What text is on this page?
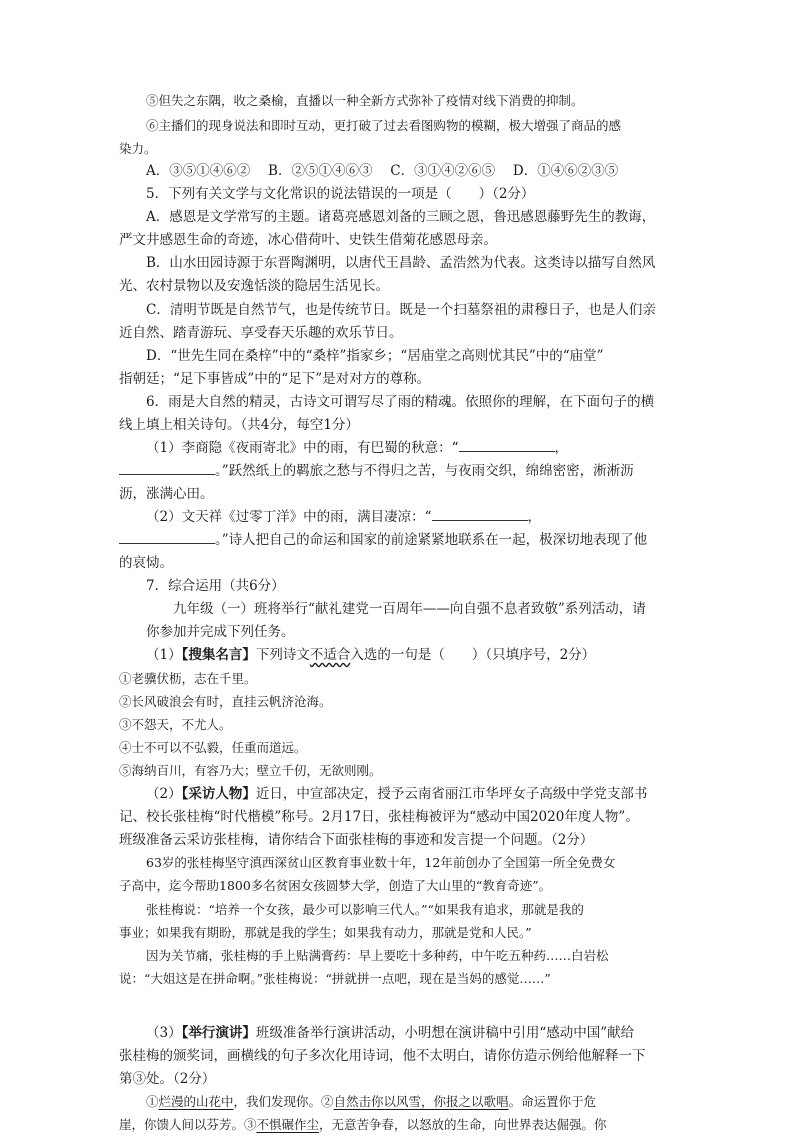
⑤但失之东隅，收之桑榆，直播以一种全新方式弥补了疫情对线下消费的抑制。
⑥主播们的现身说法和即时互动，更打破了过去看图购物的模糊，极大增强了商品的感
染力。
A．③⑤①④⑥②　 B．②⑤①④⑥③　 C．③①④②⑥⑤　 D．①④⑥②③⑤
5．下列有关文学与文化常识的说法错误的一项是（　　）（2分）
A．感恩是文学常写的主题。诸葛亮感恩刘备的三顾之恩，鲁迅感恩藤野先生的教诲，
严文井感恩生命的奇迹，冰心借荷叶、史铁生借菊花感恩母亲。
B．山水田园诗源于东晋陶渊明，以唐代王昌龄、孟浩然为代表。这类诗以描写自然风
光、农村景物以及安逸恬淡的隐居生活见长。
C．清明节既是自然节气，也是传统节日。既是一个扫墓祭祖的肃穆日子，也是人们亲
近自然、踏青游玩、享受春天乐趣的欢乐节日。
D．“世先生同在桑梓”中的“桑梓”指家乡；“居庙堂之高则忧其民”中的“庙堂”
指朝廷；“足下事皆成”中的“足下”是对对方的尊称。
6．雨是大自然的精灵，古诗文可谓写尽了雨的精魂。依照你的理解，在下面句子的横
线上填上相关诗句。（共4分，每空1分）
（1）李商隐《夜雨寄北》中的雨，有巴蜀的秋意：“	，
。”跃然纸上的羁旅之愁与不得归之苦，与夜雨交织，绵绵密密，淅淅沥
沥，涨满心田。
（2）文天祥《过零丁洋》中的雨，满目凄凉：“	，
。”诗人把自己的命运和国家的前途紧紧地联系在一起，极深切地表现了他
的哀恸。
7．综合运用（共6分）
九年级（一）班将举行“献礼建党一百周年——向自强不息者致敬”系列活动，请
你参加并完成下列任务。
（1）【搜集名言】下列诗文不适合入选的一句是（　　）（只填序号，2分）
①老骥伏枥，志在千里。
②长风破浪会有时，直挂云帆济沧海。
③不怨天，不尤人。
④士不可以不弘毅，任重而道远。
⑤海纳百川，有容乃大；壁立千仞，无欲则刚。
（2）【采访人物】近日，中宣部决定，授予云南省丽江市华坪女子高级中学党支部书
记、校长张桂梅“时代楷模”称号。2月17日，张桂梅被评为“感动中国2020年度人物”。
班级准备云采访张桂梅，请你结合下面张桂梅的事迹和发言提一个问题。（2分）
63岁的张桂梅坚守滇西深贫山区教育事业数十年，12年前创办了全国第一所全免费女
子高中，迄今帮助1800多名贫困女孩圆梦大学，创造了大山里的“教育奇迹”。
张桂梅说：“培养一个女孩，最少可以影响三代人。”“如果我有追求，那就是我的
事业；如果我有期盼，那就是我的学生；如果我有动力，那就是党和人民。”
因为关节痛，张桂梅的手上贴满膏药：早上要吃十多种药，中午吃五种药……白岩松
说：“大姐这是在拼命啊。”张桂梅说：“拼就拼一点吧，现在是当妈的感觉……”
（3）【举行演讲】班级准备举行演讲活动，小明想在演讲稿中引用“感动中国”献给
张桂梅的颁奖词，画横线的句子多次化用诗词，他不太明白，请你仿造示例给他解释一下
第③处。（2分）
①烂漫的山花中，我们发现你。②自然击你以风雪，你报之以歌唱。命运置你于危
崖，你馈人间以芬芳。③不惧碾作尘，无意苦争春，以怒放的生命，向世界表达倔强。你
